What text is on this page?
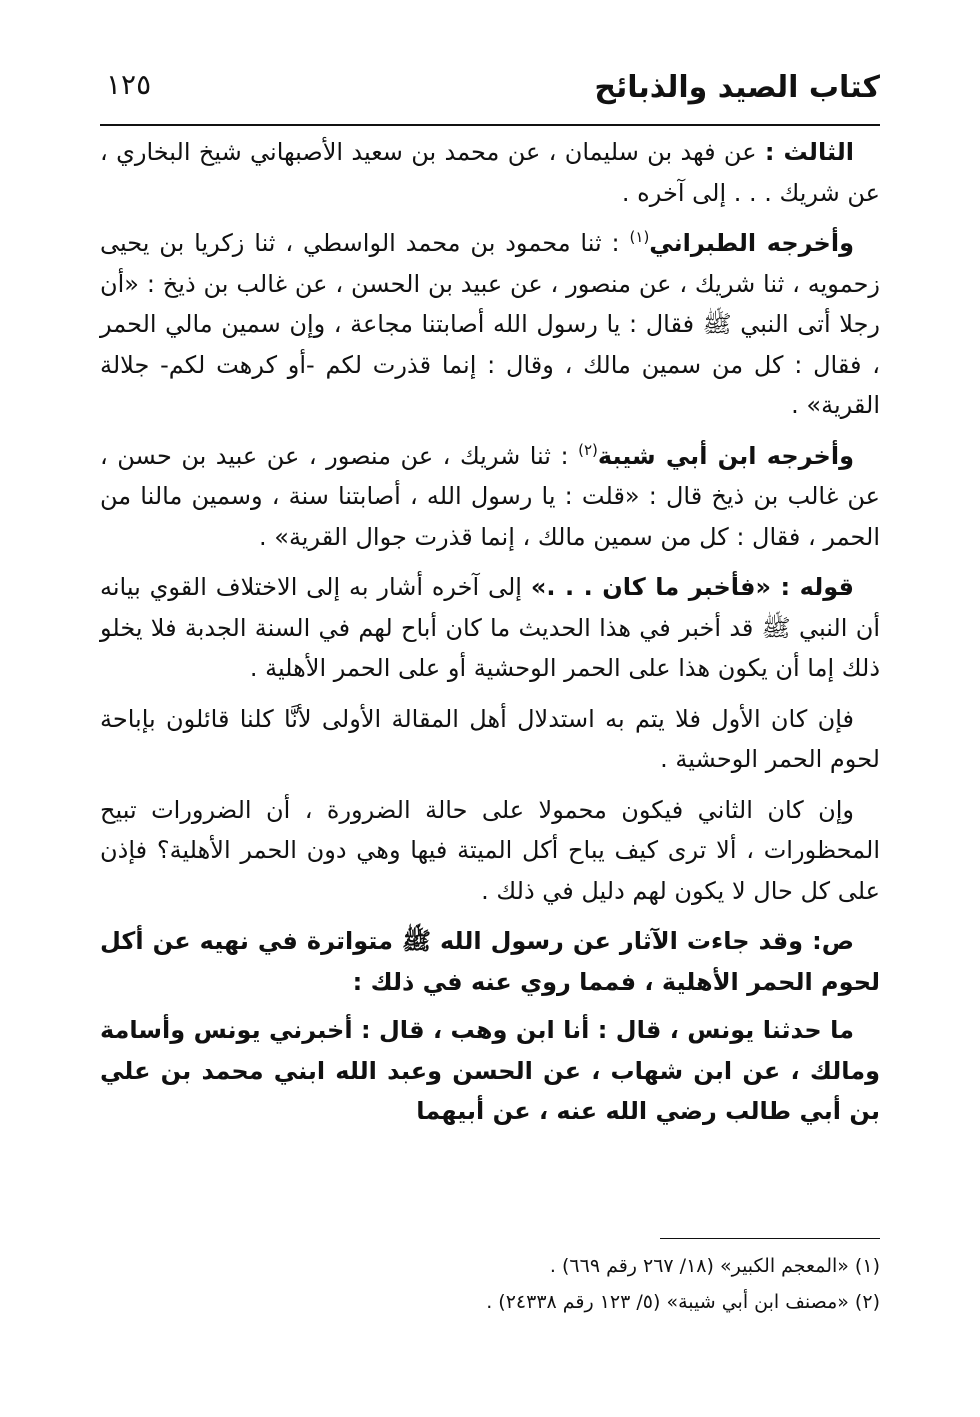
كتاب الصيد والذبائح
١٢٥

الثالث : عن فهد بن سليمان ، عن محمد بن سعيد الأصبهاني شيخ البخاري ، عن شريك . . . إلى آخره .

وأخرجه الطبراني$^{(١)}$ : ثنا محمود بن محمد الواسطي ، ثنا زكريا بن يحيى زحمويه ، ثنا شريك ، عن منصور ، عن عبيد بن الحسن ، عن غالب بن ذيخ : «أن رجلا أتى النبي ﷺ فقال : يا رسول الله أصابتنا مجاعة ، وإن سمين مالي الحمر ، فقال : كل من سمين مالك ، وقال : إنما قذرت لكم -أو كرهت لكم- جلالة القرية» .

وأخرجه ابن أبي شيبة$^{(٢)}$ : ثنا شريك ، عن منصور ، عن عبيد بن حسن ، عن غالب بن ذيخ قال : «قلت : يا رسول الله ، أصابتنا سنة ، وسمين مالنا من الحمر ، فقال : كل من سمين مالك ، إنما قذرت جوال القرية» .

قوله : «فأخبر ما كان . . .» إلى آخره أشار به إلى الاختلاف القوي بيانه أن النبي ﷺ قد أخبر في هذا الحديث ما كان أباح لهم في السنة الجدبة فلا يخلو ذلك إما أن يكون هذا على الحمر الوحشية أو على الحمر الأهلية .

فإن كان الأول فلا يتم به استدلال أهل المقالة الأولى لأنَّا كلنا قائلون بإباحة لحوم الحمر الوحشية .

وإن كان الثاني فيكون محمولا على حالة الضرورة ، أن الضرورات تبيح المحظورات ، ألا ترى كيف يباح أكل الميتة فيها وهي دون الحمر الأهلية؟ فإذن على كل حال لا يكون لهم دليل في ذلك .

ص: وقد جاءت الآثار عن رسول الله ﷺ متواترة في نهيه عن أكل لحوم الحمر الأهلية ، فمما روي عنه في ذلك :

ما حدثنا يونس ، قال : أنا ابن وهب ، قال : أخبرني يونس وأسامة ومالك ، عن ابن شهاب ، عن الحسن وعبد الله ابني محمد بن علي بن أبي طالب رضي الله عنه ، عن أبيهما

(١) «المعجم الكبير» (١٨/ ٢٦٧ رقم ٦٦٩) .

(٢) «مصنف ابن أبي شيبة» (٥/ ١٢٣ رقم ٢٤٣٣٨) .
